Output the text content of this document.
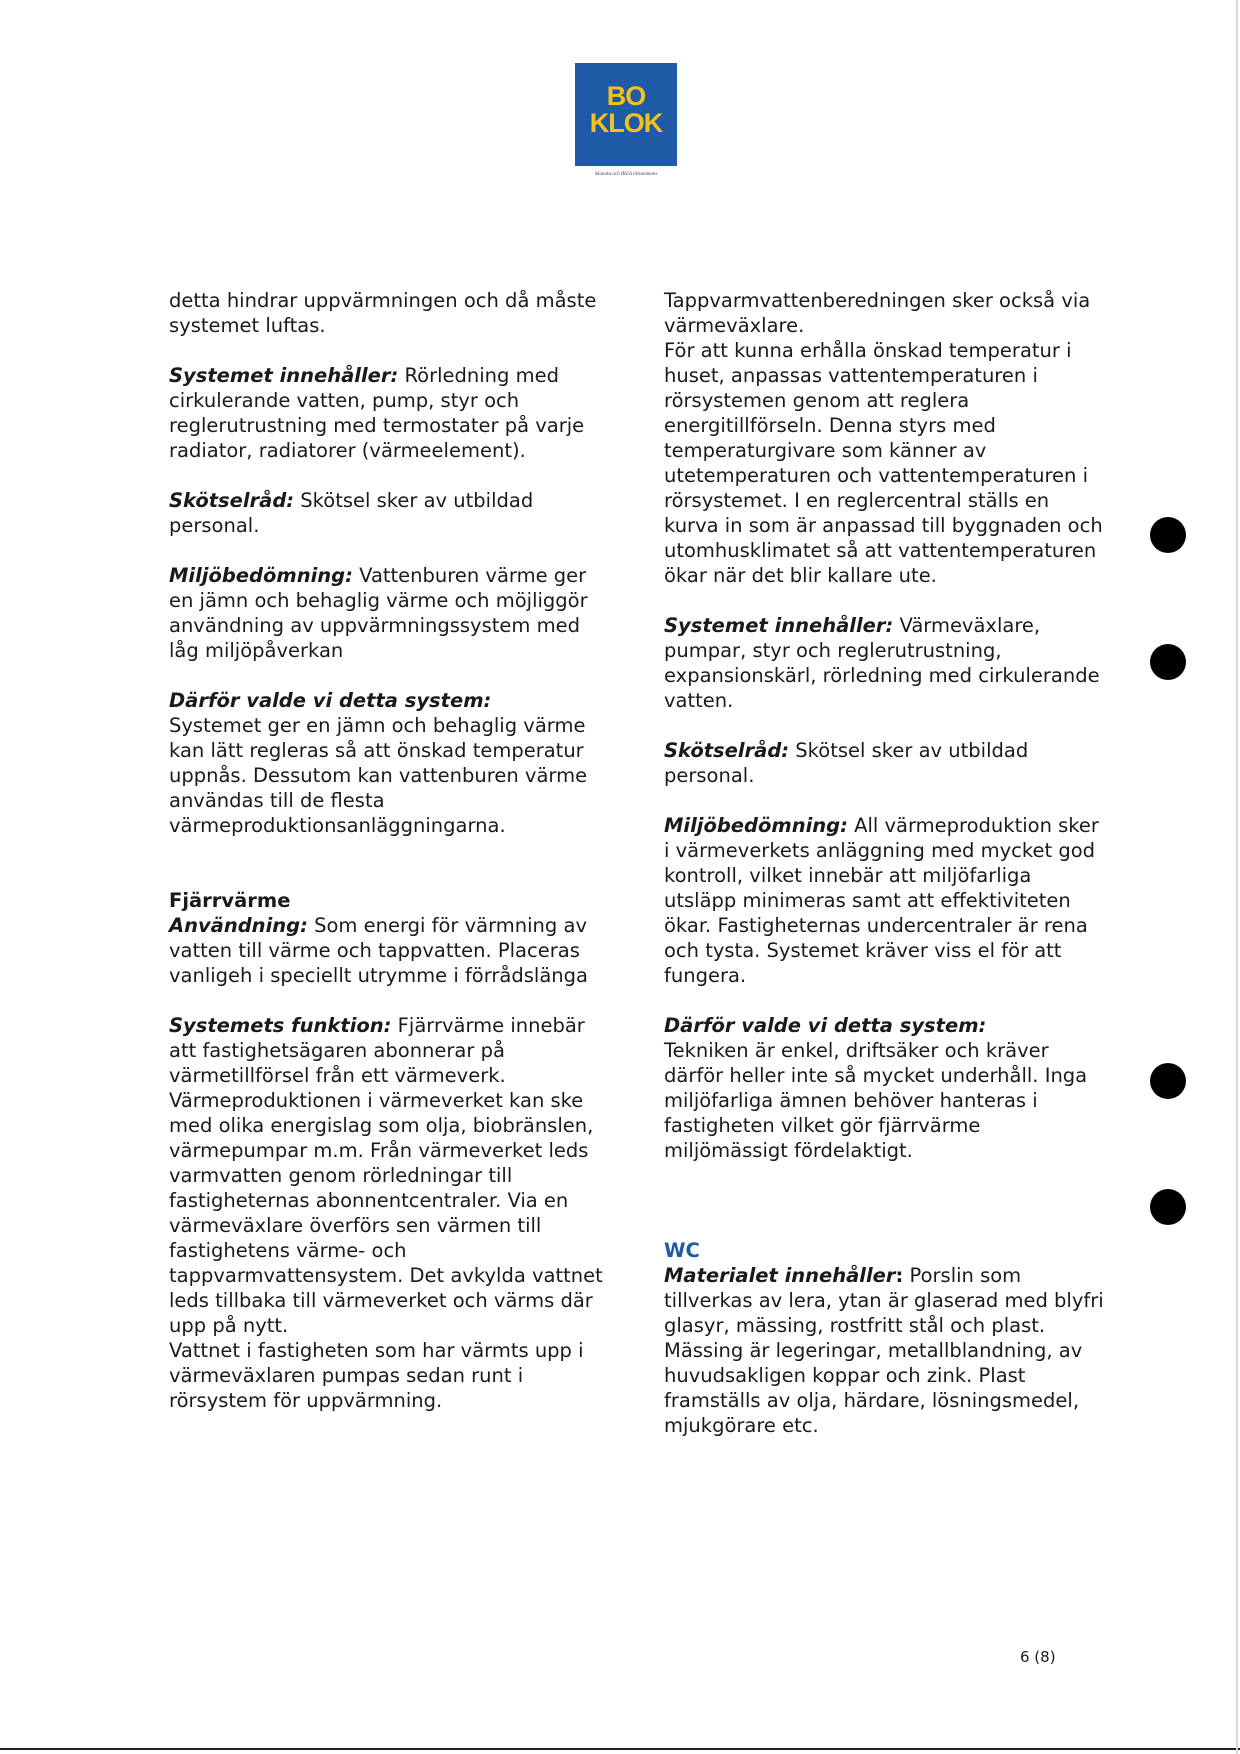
BO
KLOK
Skanska och IKEA tillsammans

detta hindrar uppvärmningen och då måste systemet luftas.

Systemet innehåller: Rörledning med cirkulerande vatten, pump, styr och reglerutrustning med termostater på varje radiator, radiatorer (värmeelement).

Skötselråd: Skötsel sker av utbildad personal.

Miljöbedömning: Vattenburen värme ger en jämn och behaglig värme och möjliggör användning av uppvärmningssystem med låg miljöpåverkan

Därför valde vi detta system:

Systemet ger en jämn och behaglig värme kan lätt regleras så att önskad temperatur uppnås. Dessutom kan vattenburen värme användas till de flesta värmeproduktionsanläggningarna.

Fjärrvärme

Användning: Som energi för värmning av vatten till värme och tappvatten. Placeras vanligeh i speciellt utrymme i förrådslänga

Systemets funktion: Fjärrvärme innebär att fastighetsägaren abonnerar på värmetillförsel från ett värmeverk. Värmeproduktionen i värmeverket kan ske med olika energislag som olja, biobränslen, värmepumpar m.m. Från värmeverket leds varmvatten genom rörledningar till fastigheternas abonnentcentraler. Via en värmeväxlare överförs sen värmen till fastighetens värme- och tappvarmvattensystem. Det avkylda vattnet leds tillbaka till värmeverket och värms där upp på nytt.

Vattnet i fastigheten som har värmts upp i värmeväxlaren pumpas sedan runt i rörsystem för uppvärmning.

Tappvarmvattenberedningen sker också via värmeväxlare.

För att kunna erhålla önskad temperatur i huset, anpassas vattentemperaturen i rörsystemen genom att reglera energitillförseln. Denna styrs med temperaturgivare som känner av utetemperaturen och vattentemperaturen i rörsystemet. I en reglercentral ställs en kurva in som är anpassad till byggnaden och utomhusklimatet så att vattentemperaturen ökar när det blir kallare ute.

Systemet innehåller: Värmeväxlare, pumpar, styr och reglerutrustning, expansionskärl, rörledning med cirkulerande vatten.

Skötselråd: Skötsel sker av utbildad personal.

Miljöbedömning: All värmeproduktion sker i värmeverkets anläggning med mycket god kontroll, vilket innebär att miljöfarliga utsläpp minimeras samt att effektiviteten ökar. Fastigheternas undercentraler är rena och tysta. Systemet kräver viss el för att fungera.

Därför valde vi detta system:

Tekniken är enkel, driftsäker och kräver därför heller inte så mycket underhåll. Inga miljöfarliga ämnen behöver hanteras i fastigheten vilket gör fjärrvärme miljömässigt fördelaktigt.

WC

Materialet innehåller: Porslin som tillverkas av lera, ytan är glaserad med blyfri glasyr, mässing, rostfritt stål och plast. Mässing är legeringar, metallblandning, av huvudsakligen koppar och zink. Plast framställs av olja, härdare, lösningsmedel, mjukgörare etc.

6 (8)
